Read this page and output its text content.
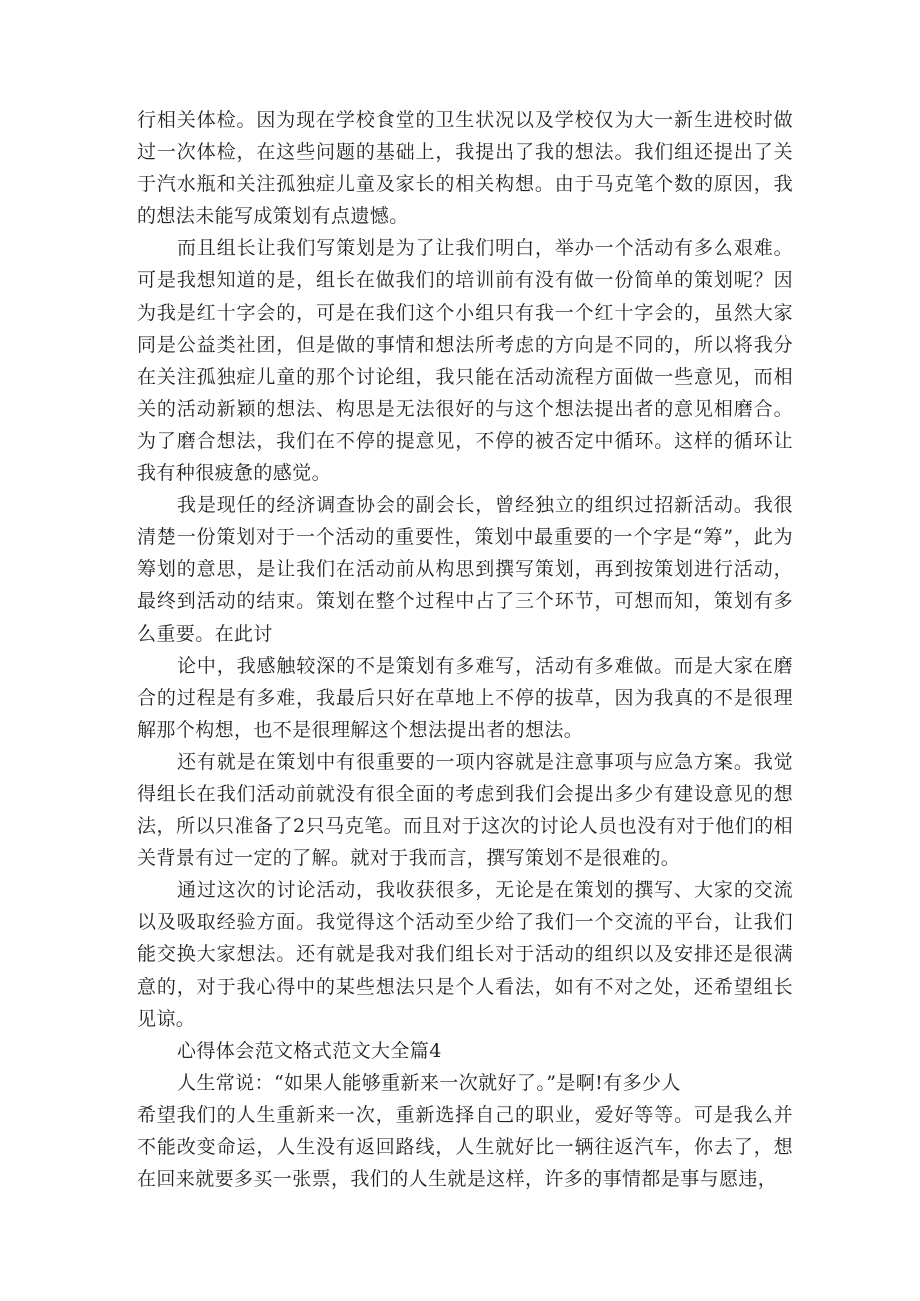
行相关体检。因为现在学校食堂的卫生状况以及学校仅为大一新生进校时做过一次体检，在这些问题的基础上，我提出了我的想法。我们组还提出了关于汽水瓶和关注孤独症儿童及家长的相关构想。由于马克笔个数的原因，我的想法未能写成策划有点遗憾。

而且组长让我们写策划是为了让我们明白，举办一个活动有多么艰难。可是我想知道的是，组长在做我们的培训前有没有做一份简单的策划呢？因为我是红十字会的，可是在我们这个小组只有我一个红十字会的，虽然大家同是公益类社团，但是做的事情和想法所考虑的方向是不同的，所以将我分在关注孤独症儿童的那个讨论组，我只能在活动流程方面做一些意见，而相关的活动新颖的想法、构思是无法很好的与这个想法提出者的意见相磨合。为了磨合想法，我们在不停的提意见，不停的被否定中循环。这样的循环让我有种很疲惫的感觉。

我是现任的经济调查协会的副会长，曾经独立的组织过招新活动。我很清楚一份策划对于一个活动的重要性，策划中最重要的一个字是“筹”，此为筹划的意思，是让我们在活动前从构思到撰写策划，再到按策划进行活动，最终到活动的结束。策划在整个过程中占了三个环节，可想而知，策划有多么重要。在此讨

论中，我感触较深的不是策划有多难写，活动有多难做。而是大家在磨合的过程是有多难，我最后只好在草地上不停的拔草，因为我真的不是很理解那个构想，也不是很理解这个想法提出者的想法。

还有就是在策划中有很重要的一项内容就是注意事项与应急方案。我觉得组长在我们活动前就没有很全面的考虑到我们会提出多少有建设意见的想法，所以只准备了2只马克笔。而且对于这次的讨论人员也没有对于他们的相关背景有过一定的了解。就对于我而言，撰写策划不是很难的。

通过这次的讨论活动，我收获很多，无论是在策划的撰写、大家的交流以及吸取经验方面。我觉得这个活动至少给了我们一个交流的平台，让我们能交换大家想法。还有就是我对我们组长对于活动的组织以及安排还是很满意的，对于我心得中的某些想法只是个人看法，如有不对之处，还希望组长见谅。

心得体会范文格式范文大全篇4

人生常说：“如果人能够重新来一次就好了。”是啊!有多少人

希望我们的人生重新来一次，重新选择自己的职业，爱好等等。可是我么并不能改变命运，人生没有返回路线，人生就好比一辆往返汽车，你去了，想在回来就要多买一张票，我们的人生就是这样，许多的事情都是事与愿违，
